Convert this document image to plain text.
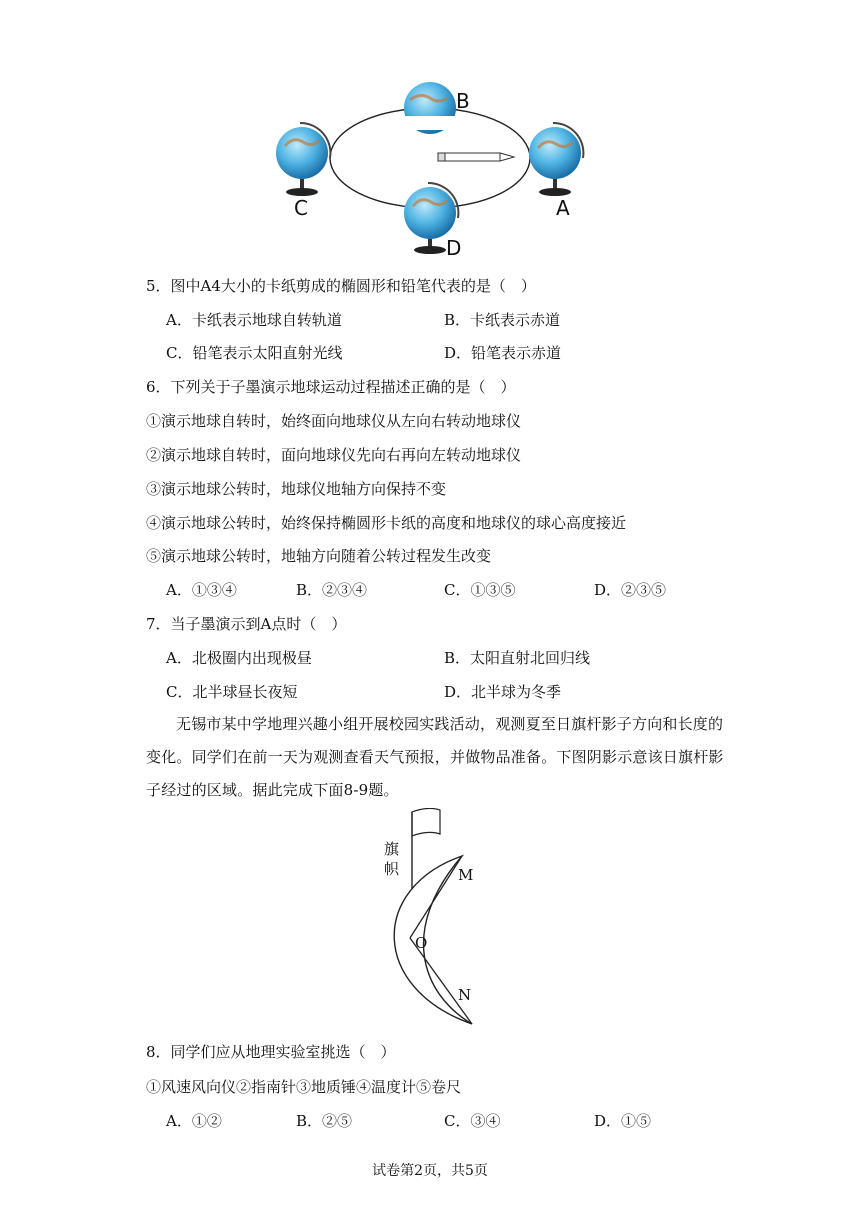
B
C	A
D
5．图中A4大小的卡纸剪成的椭圆形和铅笔代表的是（　）
A．卡纸表示地球自转轨道	B．卡纸表示赤道
C．铅笔表示太阳直射光线	D．铅笔表示赤道
6．下列关于子墨演示地球运动过程描述正确的是（　）
①演示地球自转时，始终面向地球仪从左向右转动地球仪
②演示地球自转时，面向地球仪先向右再向左转动地球仪
③演示地球公转时，地球仪地轴方向保持不变
④演示地球公转时，始终保持椭圆形卡纸的高度和地球仪的球心高度接近
⑤演示地球公转时，地轴方向随着公转过程发生改变
A．①③④	B．②③④	C．①③⑤	D．②③⑤
7．当子墨演示到A点时（　）
A．北极圈内出现极昼	B．太阳直射北回归线
C．北半球昼长夜短	D．北半球为冬季
无锡市某中学地理兴趣小组开展校园实践活动，观测夏至日旗杆影子方向和长度的变化。同学们在前一天为观测查看天气预报，并做物品准备。下图阴影示意该日旗杆影子经过的区域。据此完成下面8-9题。
旗
帜	M
O
N
8．同学们应从地理实验室挑选（　）
①风速风向仪②指南针③地质锤④温度计⑤卷尺
A．①②	B．②⑤	C．③④	D．①⑤
试卷第2页，共5页
